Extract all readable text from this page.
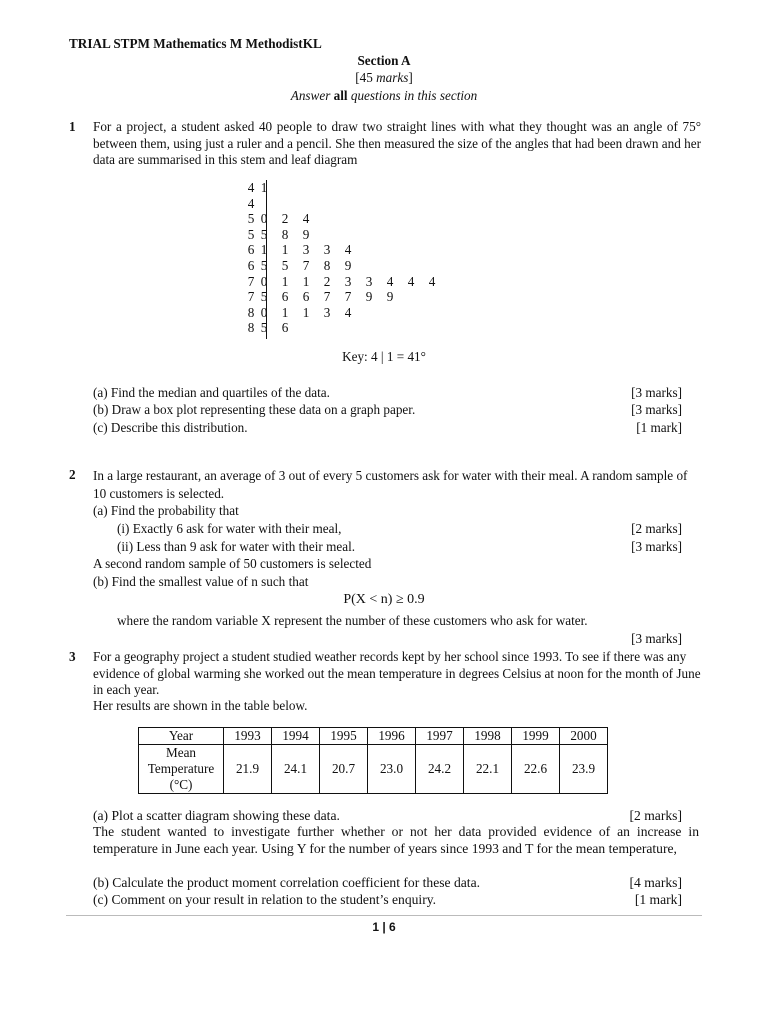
TRIAL STPM Mathematics M MethodistKL
Section A
[45 marks]
Answer all questions in this section
1 For a project, a student asked 40 people to draw two straight lines with what they thought was an angle of 75° between them, using just a ruler and a pencil. She then measured the size of the angles that had been drawn and her data are summarised in this stem and leaf diagram
4 1
4
5 0	2	4
5 5	8	9
6 1	1	3	3	4
6 5	5	7	8	9
7 0	1	1	2	3	3	4	4	4
7 5	6	6	7	7	9	9
8 0	1	1	3	4
8 5	6
Key: 4 | 1 = 41°
(a) Find the median and quartiles of the data.	[3 marks]
(b) Draw a box plot representing these data on a graph paper.	[3 marks]
(c) Describe this distribution.	[1 mark]
2 In a large restaurant, an average of 3 out of every 5 customers ask for water with their meal. A random sample of 10 customers is selected.
(a) Find the probability that
(i) Exactly 6 ask for water with their meal,	[2 marks]
(ii) Less than 9 ask for water with their meal.	[3 marks]
A second random sample of 50 customers is selected
(b) Find the smallest value of n such that
P(X < n) ≥ 0.9
where the random variable X represent the number of these customers who ask for water.
[3 marks]
3 For a geography project a student studied weather records kept by her school since 1993. To see if there was any evidence of global warming she worked out the mean temperature in degrees Celsius at noon for the month of June in each year.
Her results are shown in the table below.
Year	1993	1994	1995	1996	1997	1998	1999	2000

Mean
Temperature
(°C)	21.9	24.1	20.7	23.0	24.2	22.1	22.6	23.9
(a) Plot a scatter diagram showing these data.	[2 marks]
The student wanted to investigate further whether or not her data provided evidence of an increase in temperature in June each year. Using Y for the number of years since 1993 and T for the mean temperature,
(b) Calculate the product moment correlation coefficient for these data.	[4 marks]
(c) Comment on your result in relation to the student’s enquiry.	[1 mark]
1 | 6
